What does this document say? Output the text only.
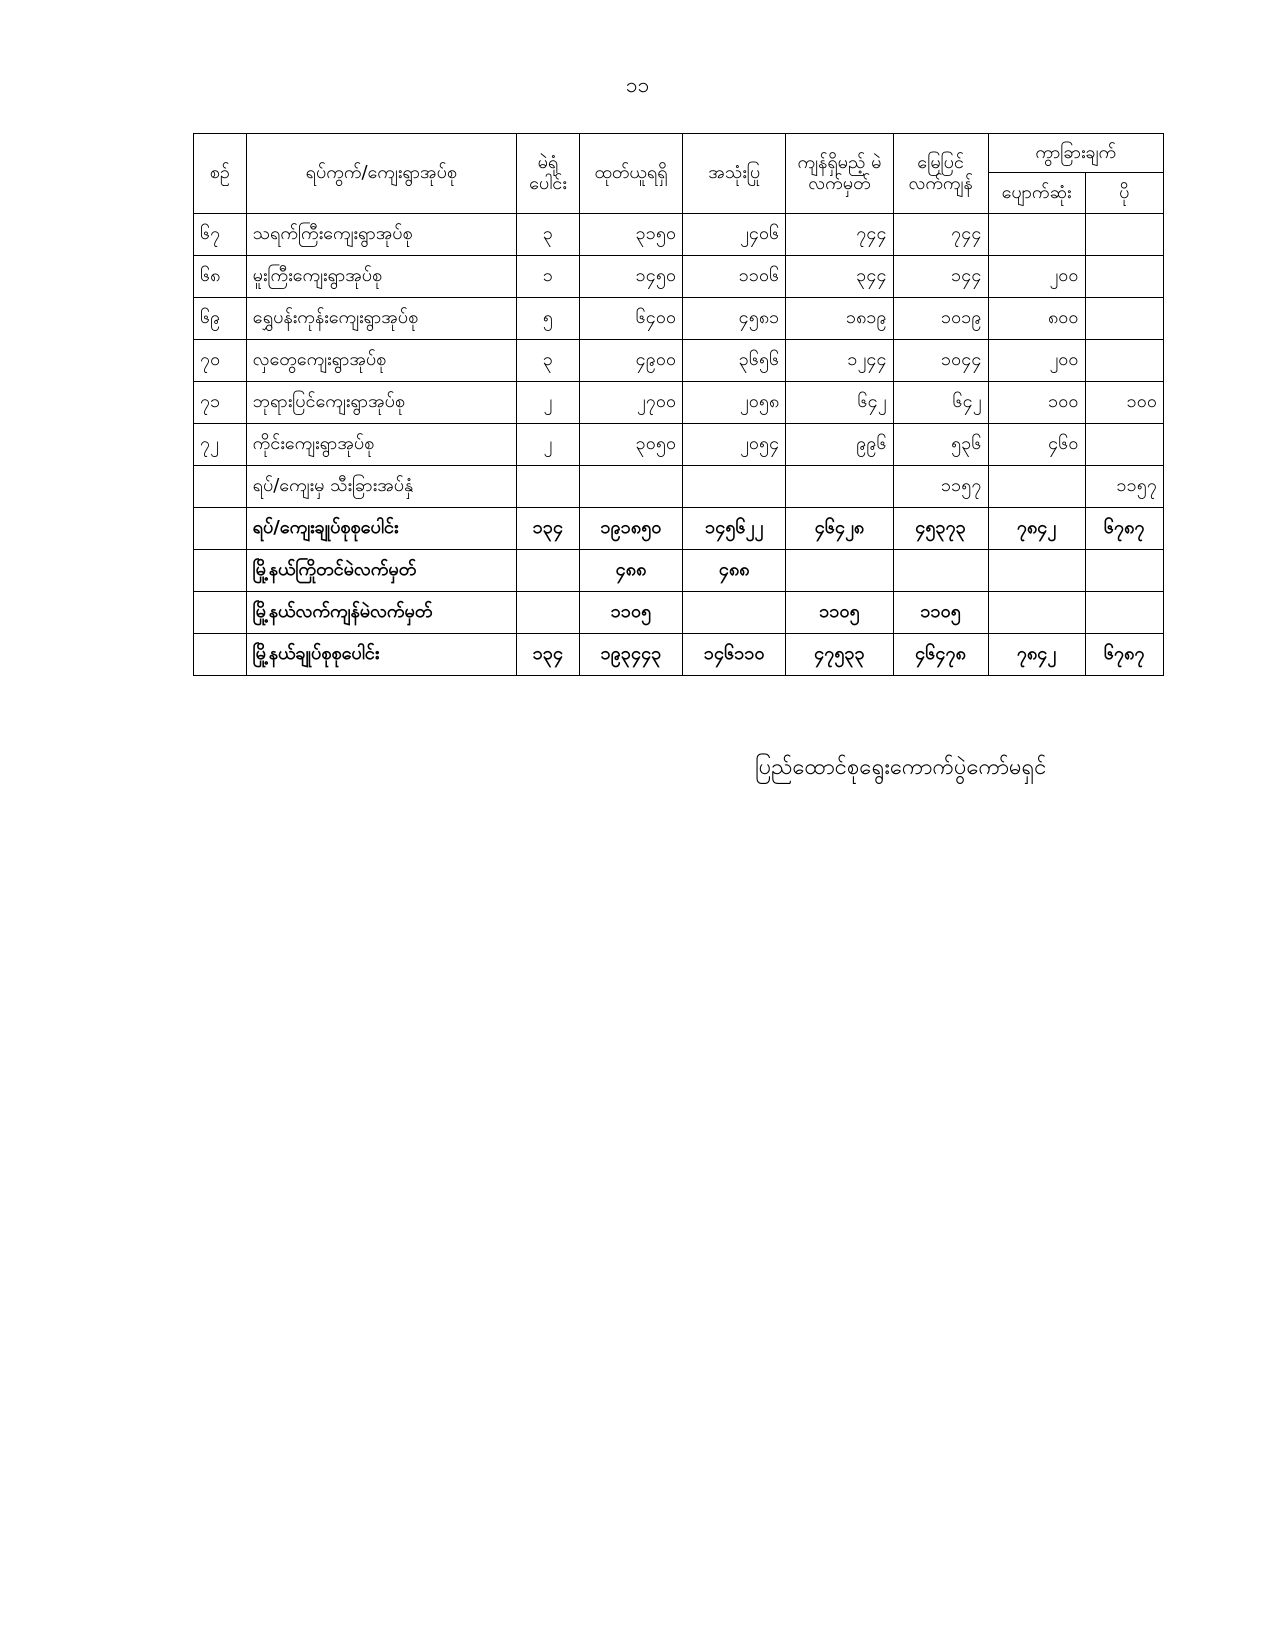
၁၁
စဉ်	ရပ်ကွက်/ကျေးရွာအုပ်စု	မဲရုံ ပေါင်း	ထုတ်ယူရရှိ	အသုံးပြု	ကျန်ရှိမည့် မဲလက်မှတ်	မြေပြင် လက်ကျန်	ကွာခြားချက်	
							ပျောက်ဆုံး	ပို
၆၇	သရက်ကြီးကျေးရွာအုပ်စု	၃	၃၁၅၀	၂၄၀၆	၇၄၄	၇၄၄		
၆၈	မူးကြီးကျေးရွာအုပ်စု	၁	၁၄၅၀	၁၁၀၆	၃၄၄	၁၄၄	၂၀၀	
၆၉	ရွှေပန်းကုန်းကျေးရွာအုပ်စု	၅	၆၄၀၀	၄၅၈၁	၁၈၁၉	၁၀၁၉	၈၀၀	
၇၀	လှတွေကျေးရွာအုပ်စု	၃	၄၉၀၀	၃၆၅၆	၁၂၄၄	၁၀၄၄	၂၀၀	
၇၁	ဘုရားပြင်ကျေးရွာအုပ်စု	၂	၂၇၀၀	၂၀၅၈	၆၄၂	၆၄၂	၁၀၀	၁၀၀
၇၂	ကိုင်းကျေးရွာအုပ်စု	၂	၃၀၅၀	၂၀၅၄	၉၉၆	၅၃၆	၄၆၀	
	ရပ်/ကျေးမှ သီးခြားအပ်နှံ					၁၁၅၇		၁၁၅၇
	ရပ်/ကျေးချုပ်စုစုပေါင်း	၁၃၄	၁၉၁၈၅၀	၁၄၅၆၂၂	၄၆၄၂၈	၄၅၃၇၃	၇၈၄၂	၆၇၈၇
	မြို့နယ်ကြိုတင်မဲလက်မှတ်		၄၈၈	၄၈၈				
	မြို့နယ်လက်ကျန်မဲလက်မှတ်		၁၁၀၅		၁၁၀၅	၁၁၀၅		
	မြို့နယ်ချုပ်စုစုပေါင်း	၁၃၄	၁၉၃၄၄၃	၁၄၆၁၁၀	၄၇၅၃၃	၄၆၄၇၈	၇၈၄၂	၆၇၈၇
ပြည်ထောင်စုရွေးကောက်ပွဲကော်မရှင်
